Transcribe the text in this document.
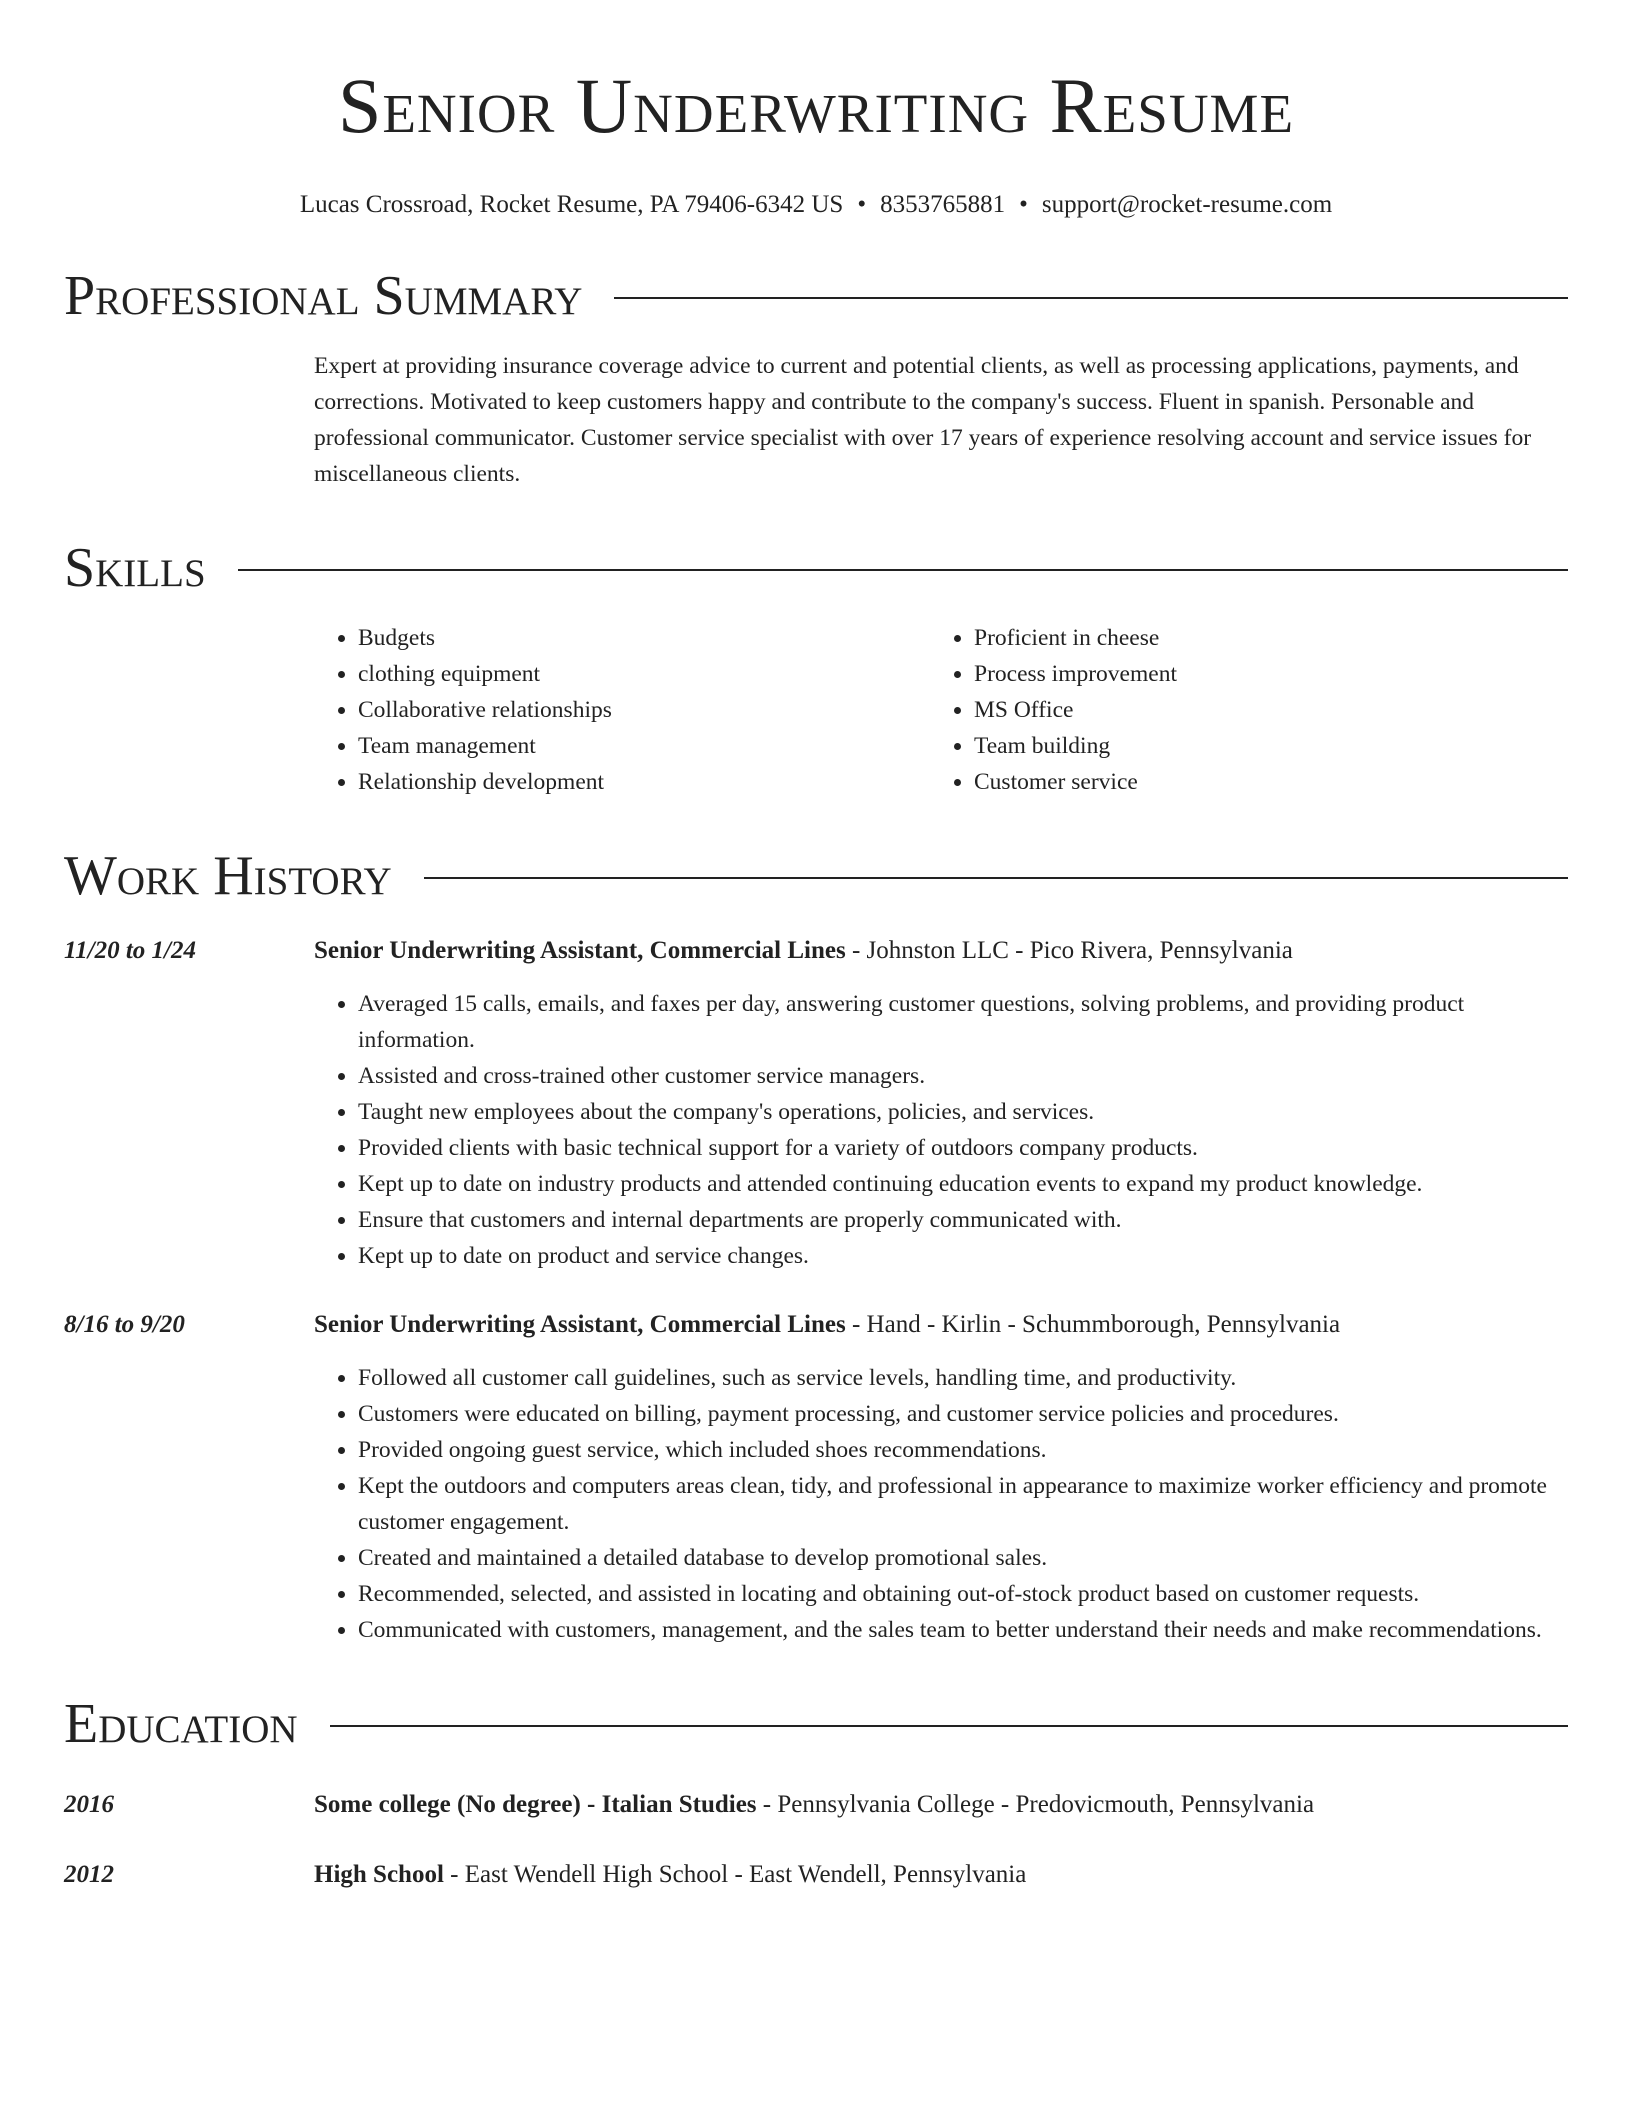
Senior Underwriting Resume
Lucas Crossroad, Rocket Resume, PA 79406-6342 US • 8353765881 • support@rocket-resume.com
Professional Summary
Expert at providing insurance coverage advice to current and potential clients, as well as processing applications, payments, and corrections. Motivated to keep customers happy and contribute to the company's success. Fluent in spanish. Personable and professional communicator. Customer service specialist with over 17 years of experience resolving account and service issues for miscellaneous clients.
Skills
• Budgets
• clothing equipment
• Collaborative relationships
• Team management
• Relationship development
• Proficient in cheese
• Process improvement
• MS Office
• Team building
• Customer service
Work History
11/20 to 1/24	Senior Underwriting Assistant, Commercial Lines - Johnston LLC - Pico Rivera, Pennsylvania
• Averaged 15 calls, emails, and faxes per day, answering customer questions, solving problems, and providing product information.
• Assisted and cross-trained other customer service managers.
• Taught new employees about the company's operations, policies, and services.
• Provided clients with basic technical support for a variety of outdoors company products.
• Kept up to date on industry products and attended continuing education events to expand my product knowledge.
• Ensure that customers and internal departments are properly communicated with.
• Kept up to date on product and service changes.
8/16 to 9/20	Senior Underwriting Assistant, Commercial Lines - Hand - Kirlin - Schummborough, Pennsylvania
• Followed all customer call guidelines, such as service levels, handling time, and productivity.
• Customers were educated on billing, payment processing, and customer service policies and procedures.
• Provided ongoing guest service, which included shoes recommendations.
• Kept the outdoors and computers areas clean, tidy, and professional in appearance to maximize worker efficiency and promote customer engagement.
• Created and maintained a detailed database to develop promotional sales.
• Recommended, selected, and assisted in locating and obtaining out-of-stock product based on customer requests.
• Communicated with customers, management, and the sales team to better understand their needs and make recommendations.
Education
2016	Some college (No degree) - Italian Studies - Pennsylvania College - Predovicmouth, Pennsylvania
2012	High School - East Wendell High School - East Wendell, Pennsylvania
